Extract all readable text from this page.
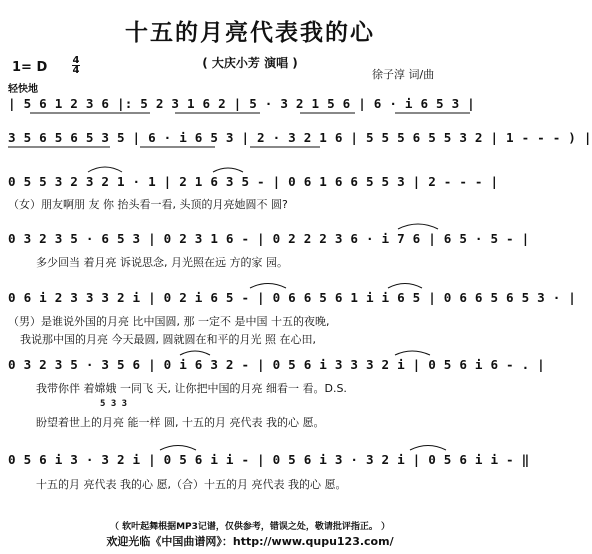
十五的月亮代表我的心
( 大庆小芳 演唱 )
1= D	4
4
轻快地
徐子淳 词/曲
| 5 6 1 2 3 6 |: 5 2 3 1 6 2 | 5 · 3 2 1 5 6 | 6 · i 6 5 3 |
3 5 6 5 6 5 3 5 | 6 · i 6 5 3 | 2 · 3 2 1 6 | 5 5 5 6 5 5 3 2 | 1 - - - ) |
0 5 5 3 2 3 2 1 · 1 | 2 1 6 3 5 - | 0 6 1 6 6 5 5 3 | 2 - - - |
（女）朋友啊朋 友 你 抬头看一看, 头顶的月亮她圆不 圆?
0 3 2 3 5 · 6 5 3 | 0 2 3 1 6 - | 0 2 2 2 3 6 · i 7 6 | 6 5 · 5 - |
多少回当 着月亮 诉说思念, 月光照在远 方的家 园。
0 6 i 2 3 3 3 2 i | 0 2 i 6 5 - | 0 6 6 5 6 1 i i 6 5 | 0 6 6 5 6 5 3 · |
（男）是谁说外国的月亮 比中国圆, 那 一定不 是中国 十五的夜晚,
我说那中国的月亮 今天最圆, 圆就圆在和平的月光 照 在心田,
0 3 2 3 5 · 3 5 6 | 0 i 6 3 2 - | 0 5 6 i 3 3 3 2 i | 0 5 6 i 6 - . |
我带你伴 着嫦娥 一同飞 天, 让你把中国的月亮 细看一 看。D.S.
5 3 3
盼望着世上的月亮 能一样 圆, 十五的月 亮代表 我的心 愿。
0 5 6 i 3 · 3 2 i | 0 5 6 i i - | 0 5 6 i 3 · 3 2 i | 0 5 6 i i - ‖
十五的月 亮代表 我的心 愿,（合）十五的月 亮代表 我的心 愿。
（ 软叶起舞根据MP3记谱，仅供参考，错误之处，敬请批评指正。 ）
欢迎光临《中国曲谱网》：http://www.qupu123.com/
